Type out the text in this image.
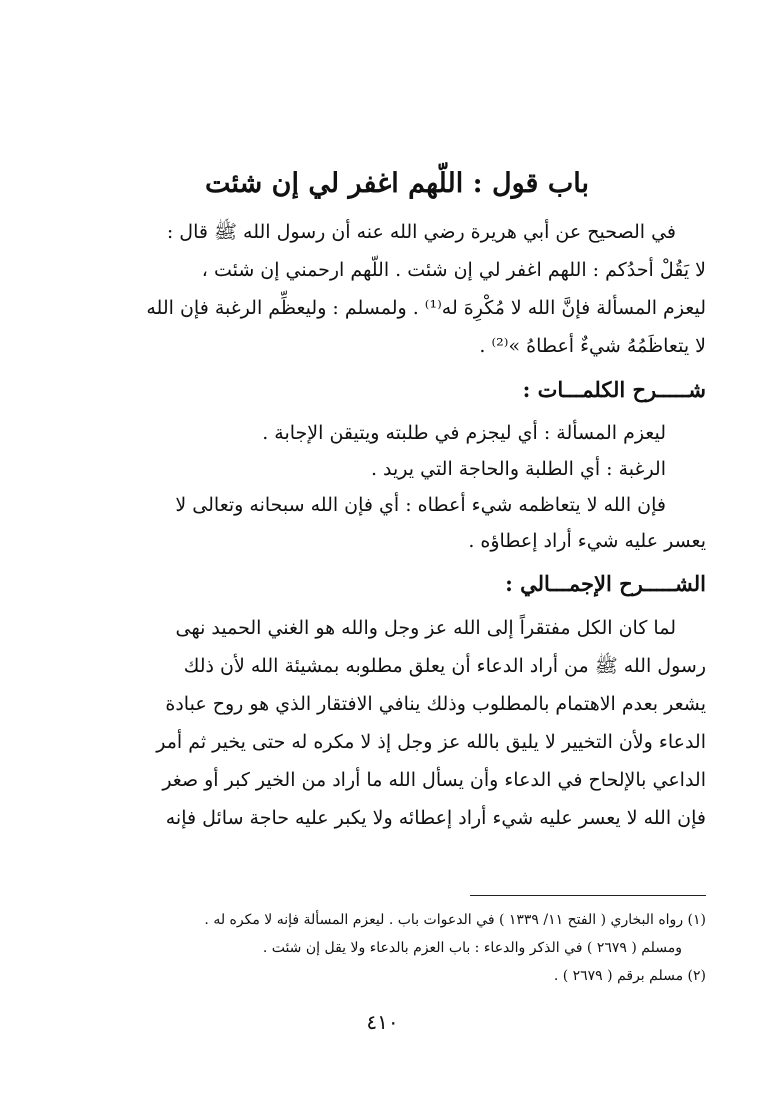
باب قول : اللّهم اغفر لي إن شئت

في الصحيح عن أبي هريرة رضي الله عنه أن رسول الله ﷺ قال :

لا يَقُلْ أحدُكم : اللهم اغفر لي إن شئت . اللّهم ارحمني إن شئت ،

ليعزم المسألة فإنَّ الله لا مُكْرِهَ له⁽¹⁾ . ولمسلم : وليعظِّم الرغبة فإن الله

لا يتعاظَمُهُ شيءٌ أعطاهُ »⁽²⁾ .

شـــــرح الكلمـــات :

ليعزم المسألة : أي ليجزم في طلبته ويتيقن الإجابة .

الرغبة : أي الطلبة والحاجة التي يريد .

فإن الله لا يتعاظمه شيء أعطاه : أي فإن الله سبحانه وتعالى لا

يعسر عليه شيء أراد إعطاؤه .

الشـــــرح الإجمـــالي :

لما كان الكل مفتقراً إلى الله عز وجل والله هو الغني الحميد نهى

رسول الله ﷺ من أراد الدعاء أن يعلق مطلوبه بمشيئة الله لأن ذلك

يشعر بعدم الاهتمام بالمطلوب وذلك ينافي الافتقار الذي هو روح عبادة

الدعاء ولأن التخيير لا يليق بالله عز وجل إذ لا مكره له حتى يخير ثم أمر

الداعي بالإلحاح في الدعاء وأن يسأل الله ما أراد من الخير كبر أو صغر

فإن الله لا يعسر عليه شيء أراد إعطائه ولا يكبر عليه حاجة سائل فإنه

(١) رواه البخاري ( الفتح ١١/ ١٣٣٩ ) في الدعوات باب . ليعزم المسألة فإنه لا مكره له .

ومسلم ( ٢٦٧٩ ) في الذكر والدعاء : باب العزم بالدعاء ولا يقل إن شئت .

(٢) مسلم برقم ( ٢٦٧٩ ) .

٤١٠
